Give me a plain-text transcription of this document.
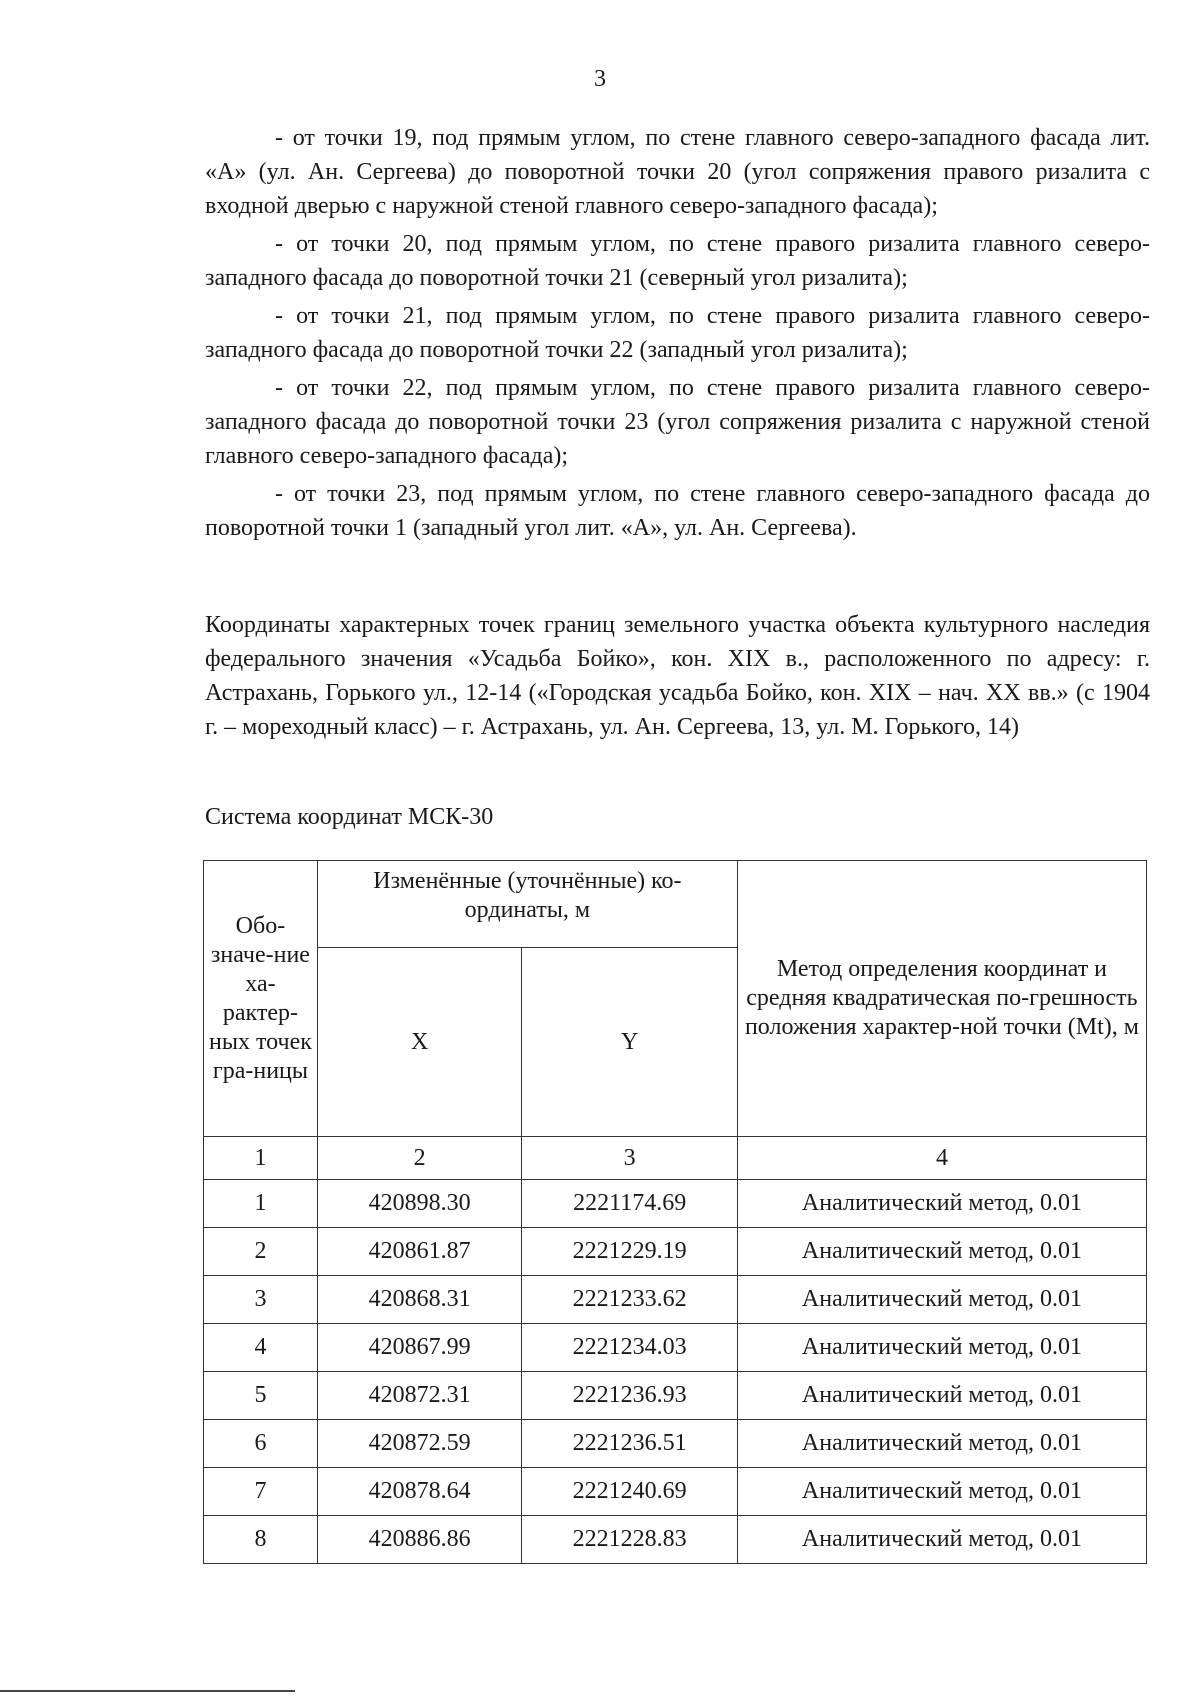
3

- от точки 19, под прямым углом, по стене главного северо-западного фасада лит. «А» (ул. Ан. Сергеева) до поворотной точки 20 (угол сопряжения правого ризалита с входной дверью с наружной стеной главного северо-западного фасада);

- от точки 20, под прямым углом, по стене правого ризалита главного северо-западного фасада до поворотной точки 21 (северный угол ризалита);

- от точки 21, под прямым углом, по стене правого ризалита главного северо-западного фасада до поворотной точки 22 (западный угол ризалита);

- от точки 22, под прямым углом, по стене правого ризалита главного северо-западного фасада до поворотной точки 23 (угол сопряжения ризалита с наружной стеной главного северо-западного фасада);

- от точки 23, под прямым углом, по стене главного северо-западного фасада до поворотной точки 1 (западный угол лит. «А», ул. Ан. Сергеева).

Координаты характерных точек границ земельного участка объекта культурного наследия федерального значения «Усадьба Бойко», кон. XIX в., расположенного по адресу: г. Астрахань, Горького ул., 12-14 («Городская усадьба Бойко, кон. XIX – нач. XX вв.» (с 1904 г. – мореходный класс) – г. Астрахань, ул. Ан. Сергеева, 13, ул. М. Горького, 14)

Система координат МСК-30
Обо-значе-ние ха-рактер-ных точек гра-ницы	Изменённые (уточнённые) ко-ординаты, м		Метод определения координат и средняя квадратическая по-грешность положения характер-ной точки (Mt), м
	X	Y	
1	2	3	4
1	420898.30	2221174.69	Аналитический метод, 0.01
2	420861.87	2221229.19	Аналитический метод, 0.01
3	420868.31	2221233.62	Аналитический метод, 0.01
4	420867.99	2221234.03	Аналитический метод, 0.01
5	420872.31	2221236.93	Аналитический метод, 0.01
6	420872.59	2221236.51	Аналитический метод, 0.01
7	420878.64	2221240.69	Аналитический метод, 0.01
8	420886.86	2221228.83	Аналитический метод, 0.01
